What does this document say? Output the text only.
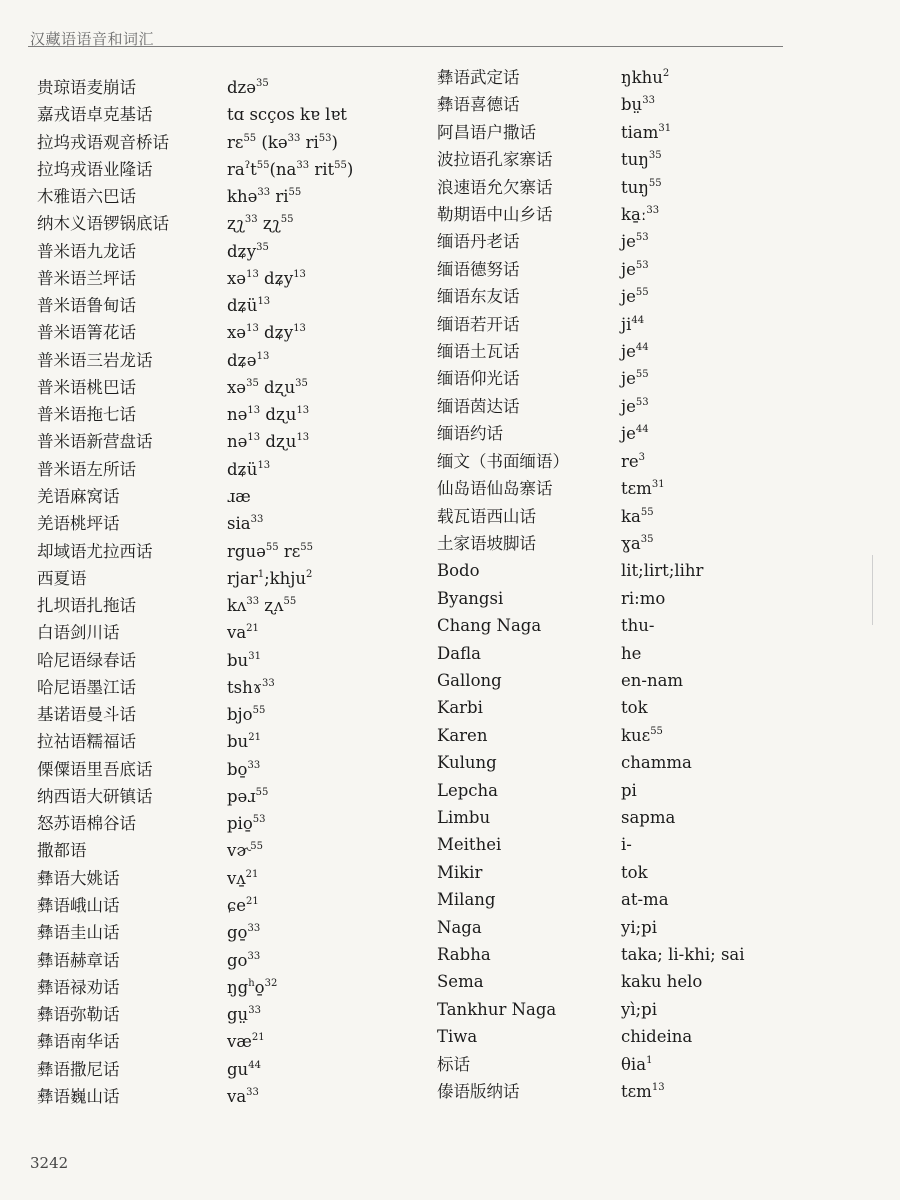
汉藏语语音和词汇
贵琼语麦崩话	dzə$^{35}$
嘉戎语卓克基话	tɑ scços kɐ lɐt
拉坞戎语观音桥话	rɛ$^{55}$ (kə$^{33}$ $ri^{53}$)
拉坞戎语业隆话	$ra^ʔt^{55}(na^{33}$ rit$^{55}$)
木雅语六巴话	khə$^{33}$ $ri^{55}$
纳木义语锣锅底话	ʐʅ$^{33}$ ʐʅ$^{55}$
普米语九龙话	dʑy$^{35}$
普米语兰坪话	xə$^{13}$ dʑy$^{13}$
普米语鲁甸话	dʑü$^{13}$
普米语箐花话	xə$^{13}$ dʑy$^{13}$
普米语三岩龙话	dʑə$^{13}$
普米语桃巴话	xə$^{35}$ dʐu$^{35}$
普米语拖七话	nə$^{13}$ dʐu$^{13}$
普米语新营盘话	nə$^{13}$ dʐu$^{13}$
普米语左所话	dʑü$^{13}$
羌语麻窝话	ɹæ
羌语桃坪话	sia$^{33}$
却域语尤拉西话	rguə$^{55}$ rɛ$^{55}$
西夏语	rjar$^1$;khju$^2$
扎坝语扎拖话	kʌ$^{33}$ ʐʌ$^{55}$
白语剑川话	$va^{21}$
哈尼语绿春话	$bu^{31}$
哈尼语墨江话	tshɤ$^{33}$
基诺语曼斗话	bjo$^{55}$
拉祜语糯福话	$bu^{21}$
傈僳语里吾底话	bo̱$^{33}$
纳西语大研镇话	pəɹ$^{55}$
怒苏语棉谷话	pio̱$^{53}$
撒都语	vɚ$^{55}$
彝语大姚话	vʌ̱$^{21}$
彝语峨山话	ɕe$^{21}$
彝语圭山话	go̱$^{33}$
彝语赫章话	$go^{33}$
彝语禄劝话	$ŋg^ho̱^{32}$
彝语弥勒话	gṳ$^{33}$
彝语南华话	$væ^{21}$
彝语撒尼话	$gu^{44}$
彝语巍山话	$va^{33}$
彝语武定话	ŋkhu$^2$
彝语喜德话	bṳ$^{33}$
阿昌语户撒话	tiam$^{31}$
波拉语孔家寨话	tuŋ$^{35}$
浪速语允欠寨话	tuŋ$^{55}$
勒期语中山乡话	ka̱ː$^{33}$
缅语丹老话	$je^{53}$
缅语德努话	$je^{53}$
缅语东友话	$je^{55}$
缅语若开话	$ji^{44}$
缅语土瓦话	$je^{44}$
缅语仰光话	$je^{55}$
缅语茵达话	$je^{53}$
缅语约话	$je^{44}$
缅文（书面缅语）	$re^3$
仙岛语仙岛寨话	tɛm$^{31}$
载瓦语西山话	$ka^{55}$
土家语坡脚话	ɣa$^{35}$
Bodo	lit;lirt;lihr
Byangsi	ri:mo
Chang Naga	thu-
Dafla	he
Gallong	en-nam
Karbi	tok
Karen	kuɛ$^{55}$
Kulung	chamma
Lepcha	pi
Limbu	sapma
Meithei	i-
Mikir	tok
Milang	at-ma
Naga	yi;pi
Rabha	taka; li-khi; sai
Sema	kaku helo
Tankhur Naga	yì;pi
Tiwa	chideina
标话	θia$^1$
傣语版纳话	tɛm$^{13}$
3242
